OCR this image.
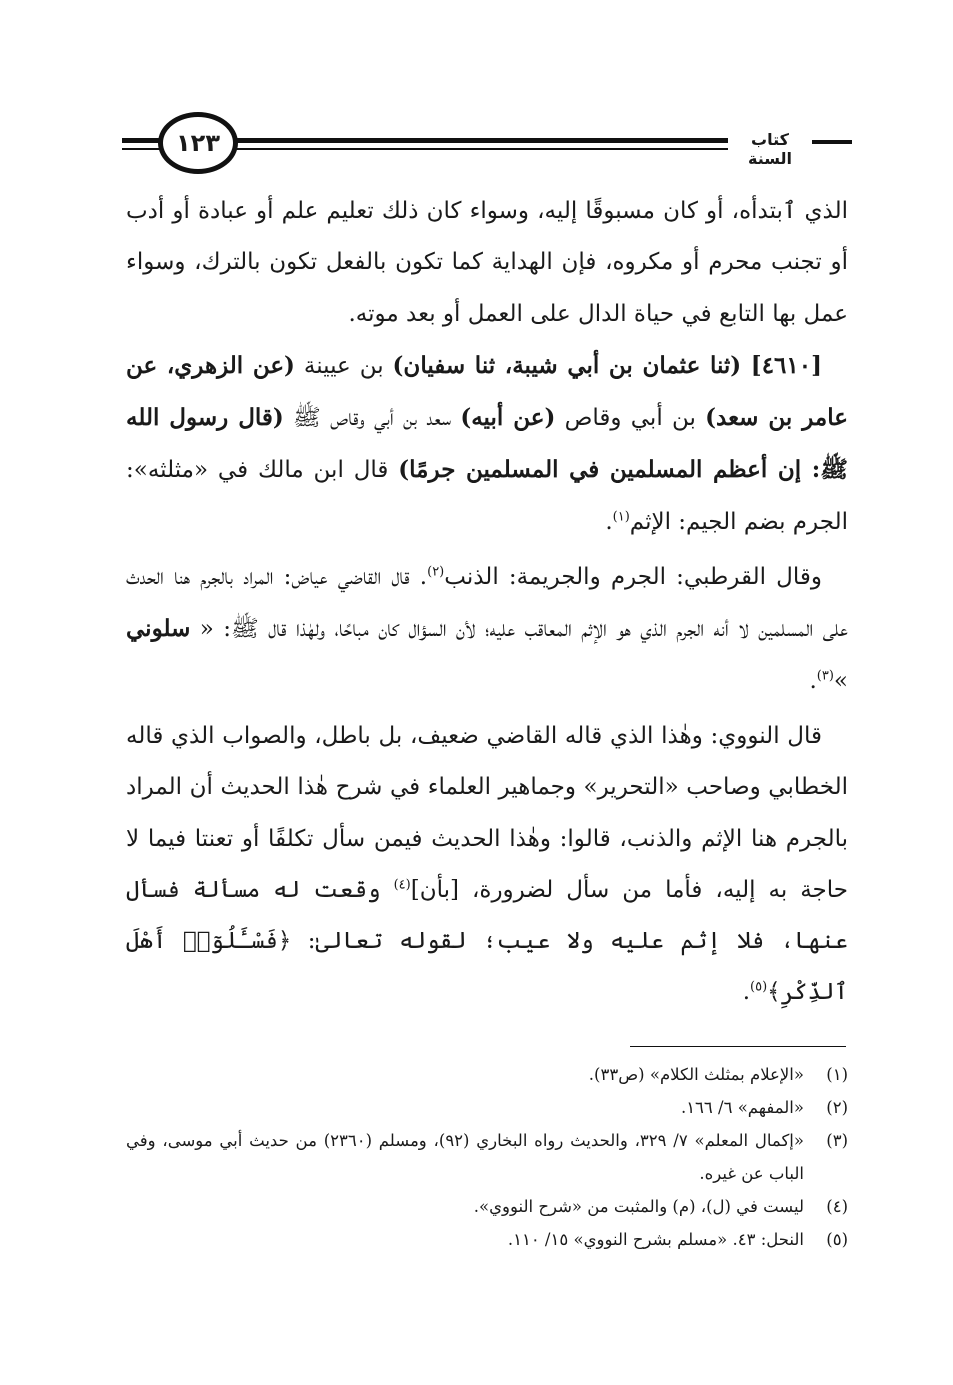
١٢٣	كتاب السنة

الذي ٱبتدأه، أو كان مسبوقًا إليه، وسواء كان ذلك تعليم علم أو عبادة أو أدب أو تجنب محرم أو مكروه، فإن الهداية كما تكون بالفعل تكون بالترك، وسواء عمل بها التابع في حياة الدال على العمل أو بعد موته.

[٤٦١٠] (ثنا عثمان بن أبي شيبة، ثنا سفيان) بن عيينة (عن الزهري، عن عامر بن سعد) بن أبي وقاص (عن أبيه) سعد بن أبي وقاص ﷺ (قال رسول الله ﷺ: إن أعظم المسلمين في المسلمين جرمًا) قال ابن مالك في «مثلثه»: الجرم بضم الجيم: الإثم$^{(١)}$.

وقال القرطبي: الجرم والجريمة: الذنب$^{(٢)}$. قال القاضي عياض: المراد بالجرم هنا الحدث على المسلمين لا أنه الجرم الذي هو الإثم المعاقب عليه؛ لأن السؤال كان مباحًا، ولهٰذا قال ﷺ: « سلوني »$^{(٣)}$.

قال النووي: وهٰذا الذي قاله القاضي ضعيف، بل باطل، والصواب الذي قاله الخطابي وصاحب «التحرير» وجماهير العلماء في شرح هٰذا الحديث أن المراد بالجرم هنا الإثم والذنب، قالوا: وهٰذا الحديث فيمن سأل تكلفًا أو تعنتا فيما لا حاجة به إليه، فأما من سأل لضرورة، [بأن]$^{(٤)}$ وقعت له مسألة فسأل عنها، فلا إثم عليه ولا عيب؛ لقوله تعالىٰ: ﴿فَسْـَٔلُوٓا۟ أَهْلَ ٱلذِّكْرِ﴾$^{(٥)}$.

(١)
«الإعلام بمثلث الكلام» (ص٣٣).
(٢)
«المفهم» ٦/ ١٦٦.
(٣)
«إكمال المعلم» ٧/ ٣٢٩، والحديث رواه البخاري (٩٢)، ومسلم (٢٣٦٠) من حديث أبي موسى، وفي الباب عن غيره.
(٤)
ليست في (ل)، (م) والمثبت من «شرح النووي».
(٥)
النحل: ٤٣. «مسلم بشرح النووي» ١٥/ ١١٠.
